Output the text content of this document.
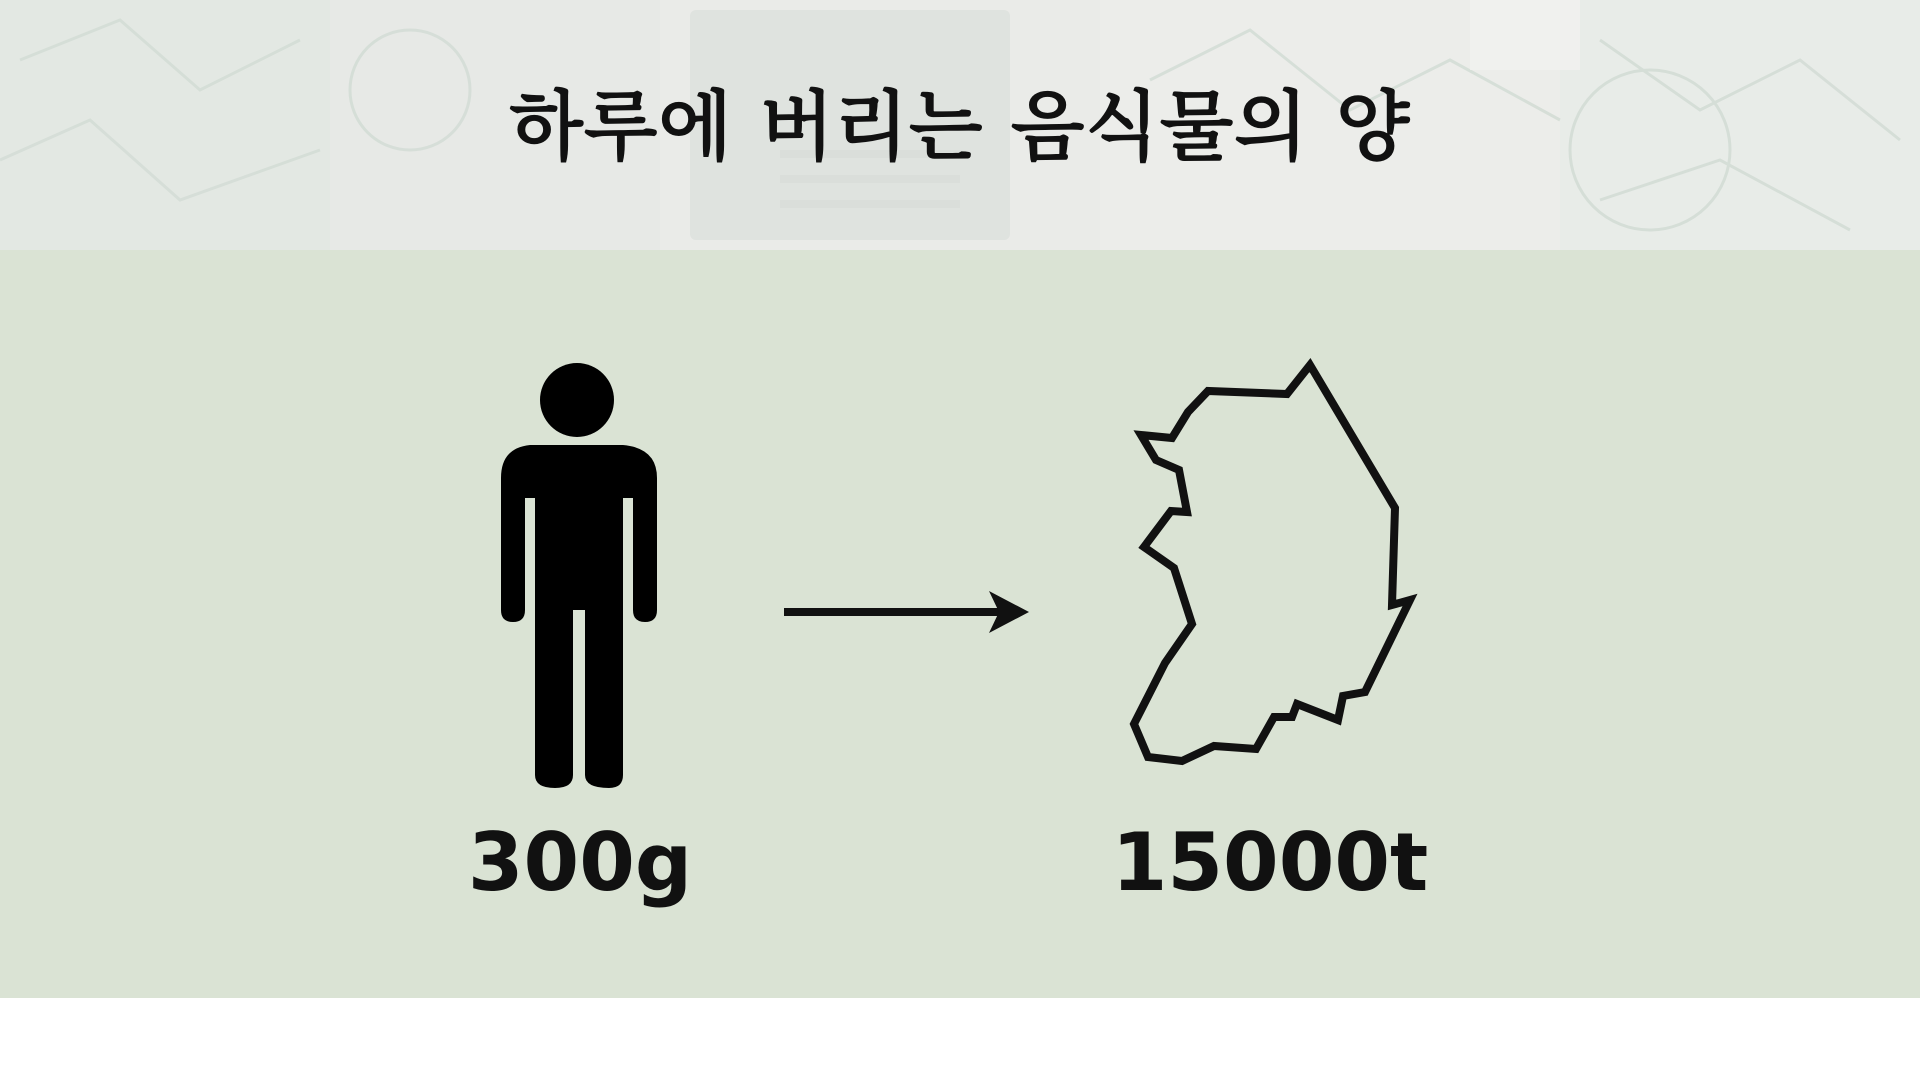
하루에 버리는 음식물의 양
300g	15000t
